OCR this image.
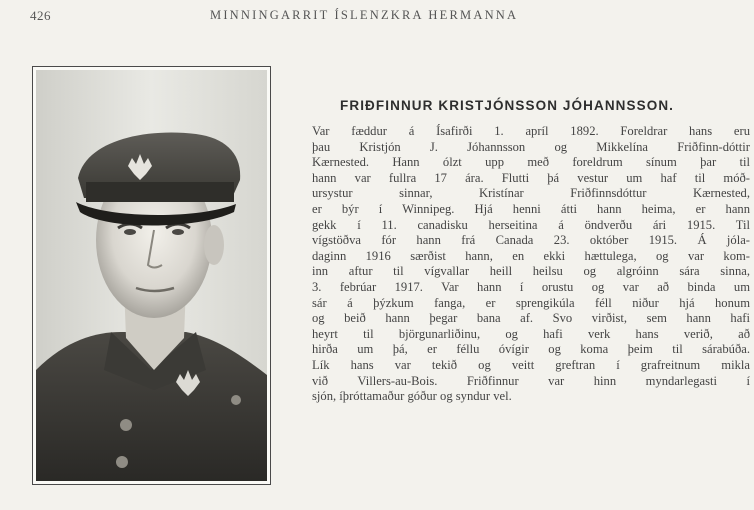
426	MINNINGARRIT ÍSLENZKRA HERMANNA
FRIÐFINNUR KRISTJÓNSSON JÓHANNSSON.
Var fæddur á Ísafirði 1. apríl 1892. Foreldrar hans eru
þau Kristjón J. Jóhannsson og Mikkelína Friðfinn-dóttir
Kærnested. Hann ólzt upp með foreldrum sínum þar til
hann var fullra 17 ára. Flutti þá vestur um haf til móð-
ursystur sinnar, Kristínar Friðfinnsdóttur Kærnested,
er býr í Winnipeg. Hjá henni átti hann heima, er hann
gekk í 11. canadisku herseitina á öndverðu ári 1915. Til
vígstöðva fór hann frá Canada 23. október 1915. Á jóla-
daginn 1916 særðist hann, en ekki hættulega, og var kom-
inn aftur til vígvallar heill heilsu og algróinn sára sinna,
3. febrúar 1917. Var hann í orustu og var að binda um
sár á þýzkum fanga, er sprengikúla féll niður hjá honum
og beið hann þegar bana af. Svo virðist, sem hann hafi
heyrt til björgunarliðinu, og hafi verk hans verið, að
hirða um þá, er féllu óvígir og koma þeim til sárabúða.
Lík hans var tekið og veitt greftran í grafreitnum mikla
við Villers-au-Bois. Friðfinnur var hinn myndarlegasti í
sjón, íþróttamaður góður og syndur vel.
